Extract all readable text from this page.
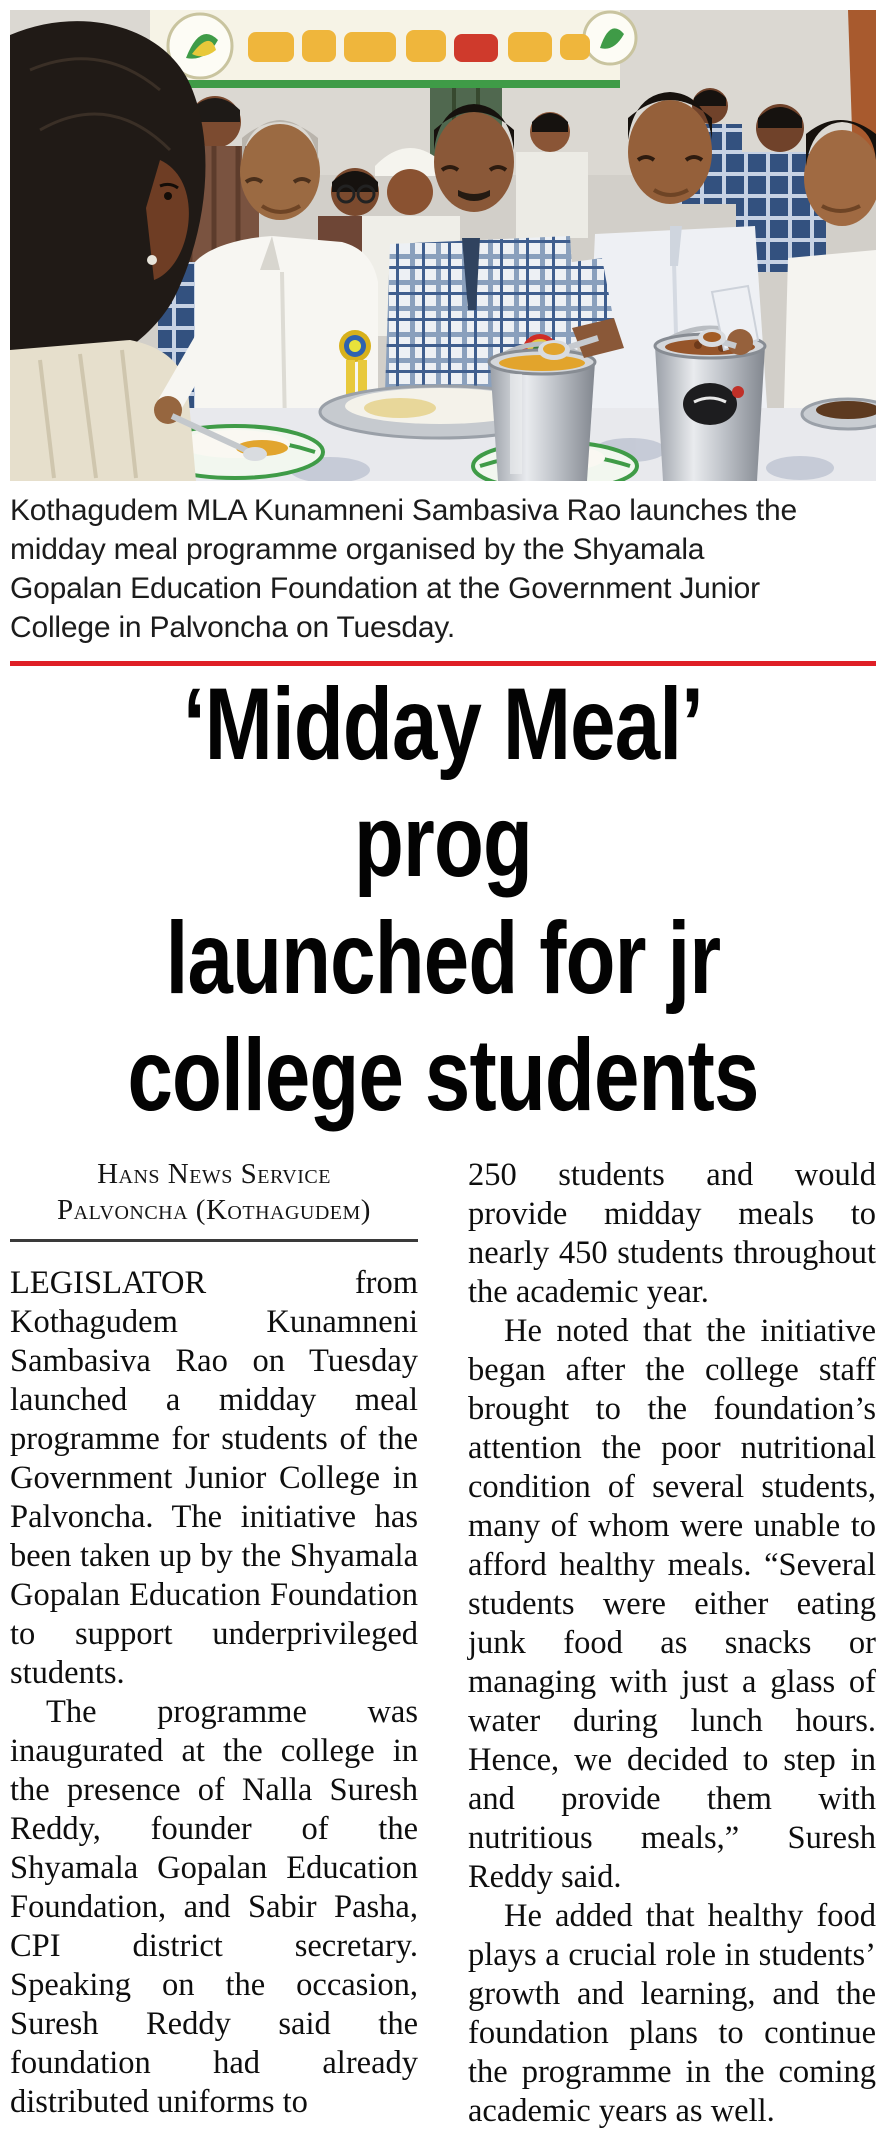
Kothagudem MLA Kunamneni Sambasiva Rao launches the midday meal programme organised by the Shyamala Gopalan Education Foundation at the Government Junior College in Palvoncha on Tuesday.
‘Midday Meal’ prog
launched for jr
college students
Hans News Service
Palvoncha (Kothagudem)

LEGISLATOR from Kothagudem Kunamneni Sambasiva Rao on Tuesday launched a midday meal programme for students of the Government Junior College in Palvoncha. The initiative has been taken up by the Shyamala Gopalan Education Foundation to support underprivileged students.

The programme was inaugurated at the college in the presence of Nalla Suresh Reddy, founder of the Shyamala Gopalan Education Foundation, and Sabir Pasha, CPI district secretary. Speaking on the occasion, Suresh Reddy said the foundation had already distributed uniforms to

250 students and would provide midday meals to nearly 450 students throughout the academic year.

He noted that the initiative began after the college staff brought to the foundation’s attention the poor nutritional condition of several students, many of whom were unable to afford healthy meals. “Several students were either eating junk food as snacks or managing with just a glass of water during lunch hours. Hence, we decided to step in and provide them with nutritious meals,” Suresh Reddy said.

He added that healthy food plays a crucial role in students’ growth and learning, and the foundation plans to continue the programme in the coming academic years as well.
